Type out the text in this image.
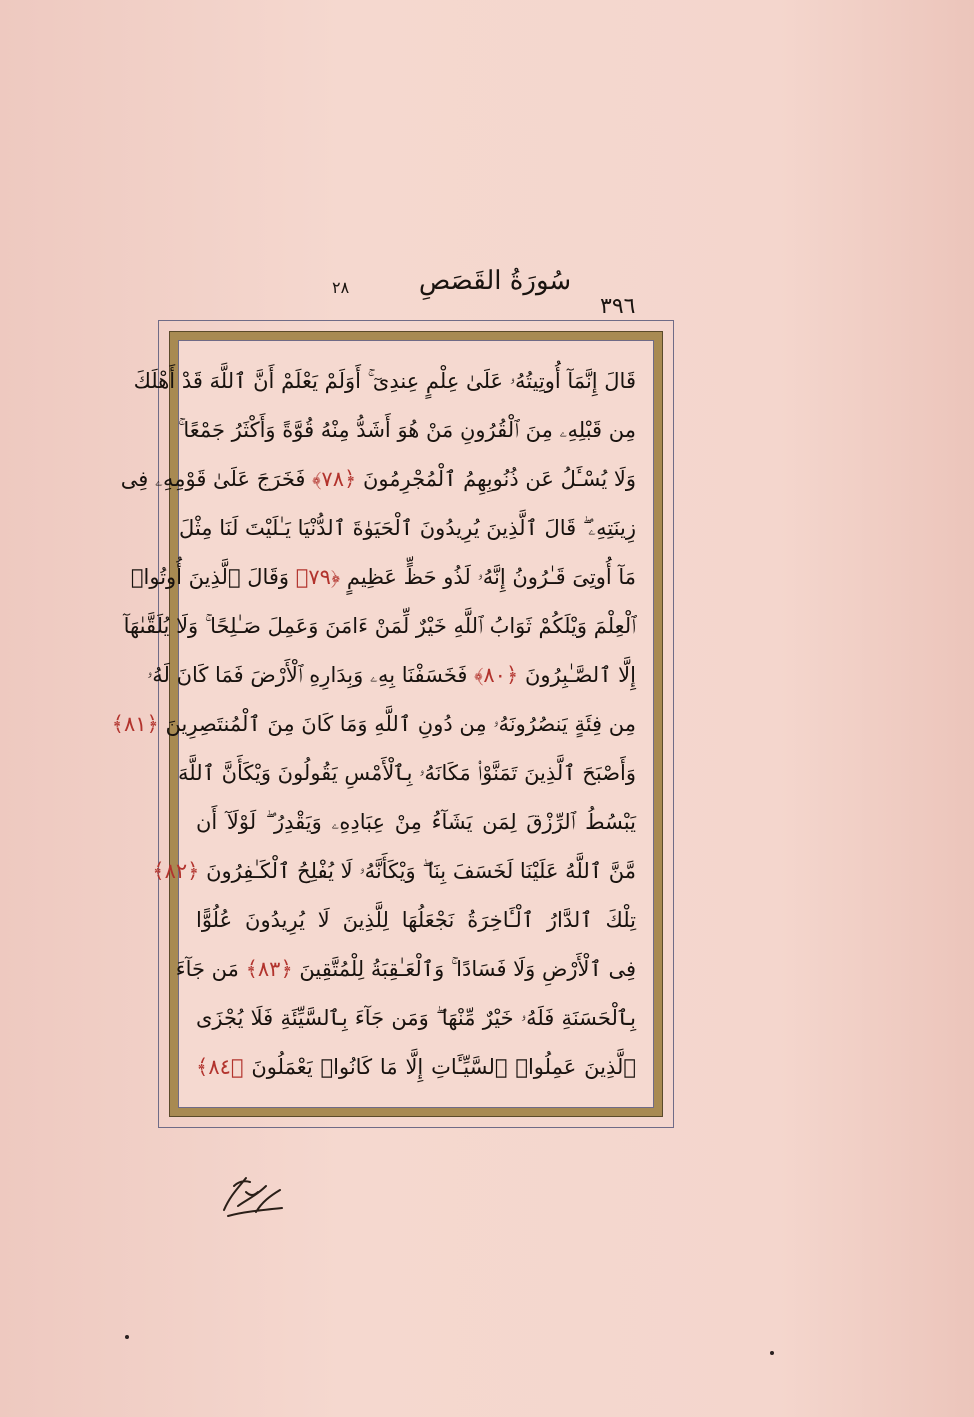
سُورَةُ القَصَصِ
٢٨
٣٩٦
قَالَ إِنَّمَآ أُوتِيتُهُۥ عَلَىٰ عِلْمٍ عِندِىٓ ۚ أَوَلَمْ يَعْلَمْ أَنَّ ٱللَّهَ قَدْ أَهْلَكَ
مِن قَبْلِهِۦ مِنَ ٱلْقُرُونِ مَنْ هُوَ أَشَدُّ مِنْهُ قُوَّةً وَأَكْثَرُ جَمْعًا ۚ
وَلَا يُسْـَٔلُ عَن ذُنُوبِهِمُ ٱلْمُجْرِمُونَ ﴿٧٨﴾ فَخَرَجَ عَلَىٰ قَوْمِهِۦ فِى
زِينَتِهِۦ ۖ قَالَ ٱلَّذِينَ يُرِيدُونَ ٱلْحَيَوٰةَ ٱلدُّنْيَا يَـٰلَيْتَ لَنَا مِثْلَ
مَآ أُوتِىَ قَـٰرُونُ إِنَّهُۥ لَذُو حَظٍّ عَظِيمٍ ﴿٧٩﴾ وَقَالَ ٱلَّذِينَ أُوتُوا۟
ٱلْعِلْمَ وَيْلَكُمْ ثَوَابُ ٱللَّهِ خَيْرٌ لِّمَنْ ءَامَنَ وَعَمِلَ صَـٰلِحًا ۚ وَلَا يُلَقَّىٰهَآ
إِلَّا ٱلصَّـٰبِرُونَ ﴿٨٠﴾ فَخَسَفْنَا بِهِۦ وَبِدَارِهِ ٱلْأَرْضَ فَمَا كَانَ لَهُۥ
مِن فِئَةٍ يَنصُرُونَهُۥ مِن دُونِ ٱللَّهِ وَمَا كَانَ مِنَ ٱلْمُنتَصِرِينَ ﴿٨١﴾
وَأَصْبَحَ ٱلَّذِينَ تَمَنَّوْا۟ مَكَانَهُۥ بِٱلْأَمْسِ يَقُولُونَ وَيْكَأَنَّ ٱللَّهَ
يَبْسُطُ ٱلرِّزْقَ لِمَن يَشَآءُ مِنْ عِبَادِهِۦ وَيَقْدِرُ ۖ لَوْلَآ أَن
مَّنَّ ٱللَّهُ عَلَيْنَا لَخَسَفَ بِنَا ۖ وَيْكَأَنَّهُۥ لَا يُفْلِحُ ٱلْكَـٰفِرُونَ ﴿٨٢﴾
تِلْكَ ٱلدَّارُ ٱلْـَٔاخِرَةُ نَجْعَلُهَا لِلَّذِينَ لَا يُرِيدُونَ عُلُوًّا
فِى ٱلْأَرْضِ وَلَا فَسَادًا ۚ وَٱلْعَـٰقِبَةُ لِلْمُتَّقِينَ ﴿٨٣﴾ مَن جَآءَ
بِٱلْحَسَنَةِ فَلَهُۥ خَيْرٌ مِّنْهَا ۖ وَمَن جَآءَ بِٱلسَّيِّئَةِ فَلَا يُجْزَى
ٱلَّذِينَ عَمِلُوا۟ ٱلسَّيِّـَٔاتِ إِلَّا مَا كَانُوا۟ يَعْمَلُونَ ﴿٨٤﴾
